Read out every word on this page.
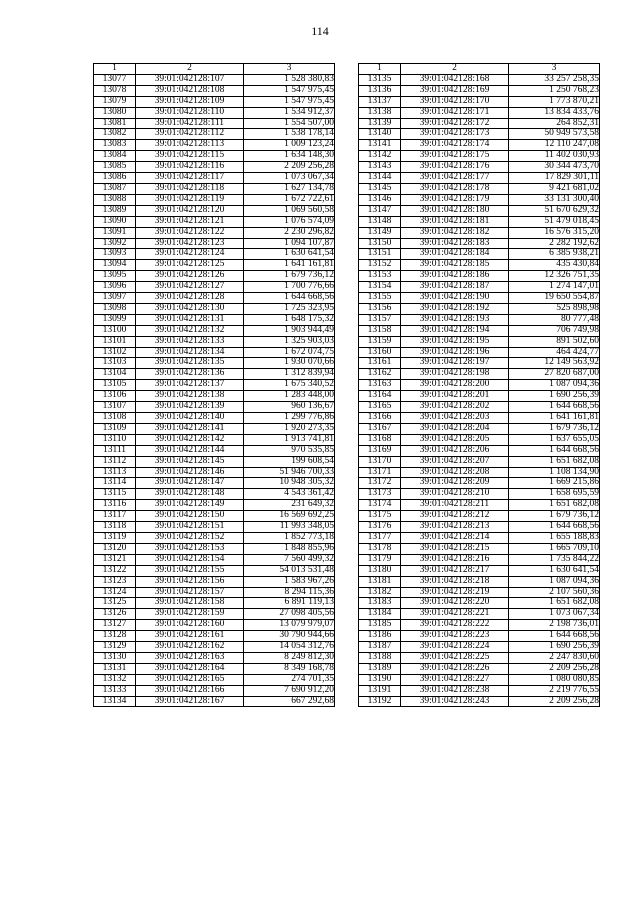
114
1	2	3
13077	39:01:042128:107	1 528 380,83
13078	39:01:042128:108	1 547 975,45
13079	39:01:042128:109	1 547 975,45
13080	39:01:042128:110	1 534 912,37
13081	39:01:042128:111	1 554 507,00
13082	39:01:042128:112	1 538 178,14
13083	39:01:042128:113	1 009 123,24
13084	39:01:042128:115	1 634 148,30
13085	39:01:042128:116	2 209 256,28
13086	39:01:042128:117	1 073 067,34
13087	39:01:042128:118	1 627 134,78
13088	39:01:042128:119	1 672 722,61
13089	39:01:042128:120	1 069 560,58
13090	39:01:042128:121	1 076 574,09
13091	39:01:042128:122	2 230 296,82
13092	39:01:042128:123	1 094 107,87
13093	39:01:042128:124	1 630 641,54
13094	39:01:042128:125	1 641 161,81
13095	39:01:042128:126	1 679 736,12
13096	39:01:042128:127	1 700 776,66
13097	39:01:042128:128	1 644 668,56
13098	39:01:042128:130	1 725 323,95
13099	39:01:042128:131	1 648 175,32
13100	39:01:042128:132	1 903 944,49
13101	39:01:042128:133	1 325 903,03
13102	39:01:042128:134	1 672 074,75
13103	39:01:042128:135	1 930 070,66
13104	39:01:042128:136	1 312 839,94
13105	39:01:042128:137	1 675 340,52
13106	39:01:042128:138	1 283 448,00
13107	39:01:042128:139	960 136,67
13108	39:01:042128:140	1 299 776,86
13109	39:01:042128:141	1 920 273,35
13110	39:01:042128:142	1 913 741,81
13111	39:01:042128:144	970 535,85
13112	39:01:042128:145	199 608,54
13113	39:01:042128:146	51 946 700,33
13114	39:01:042128:147	10 948 305,32
13115	39:01:042128:148	4 543 361,42
13116	39:01:042128:149	231 649,32
13117	39:01:042128:150	16 569 692,25
13118	39:01:042128:151	11 993 348,05
13119	39:01:042128:152	1 852 773,18
13120	39:01:042128:153	1 848 855,96
13121	39:01:042128:154	7 560 499,32
13122	39:01:042128:155	54 013 531,48
13123	39:01:042128:156	1 583 967,26
13124	39:01:042128:157	8 294 115,36
13125	39:01:042128:158	6 891 119,13
13126	39:01:042128:159	27 098 405,56
13127	39:01:042128:160	13 079 979,07
13128	39:01:042128:161	30 790 944,66
13129	39:01:042128:162	14 054 312,76
13130	39:01:042128:163	8 249 812,30
13131	39:01:042128:164	8 349 168,78
13132	39:01:042128:165	274 701,35
13133	39:01:042128:166	7 690 912,20
13134	39:01:042128:167	667 292,68
1	2	3
13135	39:01:042128:168	33 257 258,35
13136	39:01:042128:169	1 250 768,23
13137	39:01:042128:170	1 773 870,21
13138	39:01:042128:171	13 834 433,76
13139	39:01:042128:172	264 852,31
13140	39:01:042128:173	50 949 573,58
13141	39:01:042128:174	12 110 247,08
13142	39:01:042128:175	11 402 030,93
13143	39:01:042128:176	30 344 473,70
13144	39:01:042128:177	17 829 301,11
13145	39:01:042128:178	9 421 681,02
13146	39:01:042128:179	33 131 300,40
13147	39:01:042128:180	51 670 629,32
13148	39:01:042128:181	51 479 018,45
13149	39:01:042128:182	16 576 315,20
13150	39:01:042128:183	2 282 192,62
13151	39:01:042128:184	6 385 938,21
13152	39:01:042128:185	435 430,84
13153	39:01:042128:186	12 326 751,35
13154	39:01:042128:187	1 274 147,01
13155	39:01:042128:190	19 650 554,87
13156	39:01:042128:192	525 898,98
13157	39:01:042128:193	80 777,48
13158	39:01:042128:194	706 749,98
13159	39:01:042128:195	891 502,60
13160	39:01:042128:196	464 424,77
13161	39:01:042128:197	12 149 563,92
13162	39:01:042128:198	27 820 687,00
13163	39:01:042128:200	1 087 094,36
13164	39:01:042128:201	1 690 256,39
13165	39:01:042128:202	1 644 668,56
13166	39:01:042128:203	1 641 161,81
13167	39:01:042128:204	1 679 736,12
13168	39:01:042128:205	1 637 655,05
13169	39:01:042128:206	1 644 668,56
13170	39:01:042128:207	1 651 682,08
13171	39:01:042128:208	1 108 134,90
13172	39:01:042128:209	1 669 215,86
13173	39:01:042128:210	1 658 695,59
13174	39:01:042128:211	1 651 682,08
13175	39:01:042128:212	1 679 736,12
13176	39:01:042128:213	1 644 668,56
13177	39:01:042128:214	1 655 188,83
13178	39:01:042128:215	1 665 709,10
13179	39:01:042128:216	1 735 844,22
13180	39:01:042128:217	1 630 641,54
13181	39:01:042128:218	1 087 094,36
13182	39:01:042128:219	2 107 560,36
13183	39:01:042128:220	1 651 682,08
13184	39:01:042128:221	1 073 067,34
13185	39:01:042128:222	2 198 736,01
13186	39:01:042128:223	1 644 668,56
13187	39:01:042128:224	1 690 256,39
13188	39:01:042128:225	2 247 830,60
13189	39:01:042128:226	2 209 256,28
13190	39:01:042128:227	1 080 080,85
13191	39:01:042128:238	2 219 776,55
13192	39:01:042128:243	2 209 256,28
